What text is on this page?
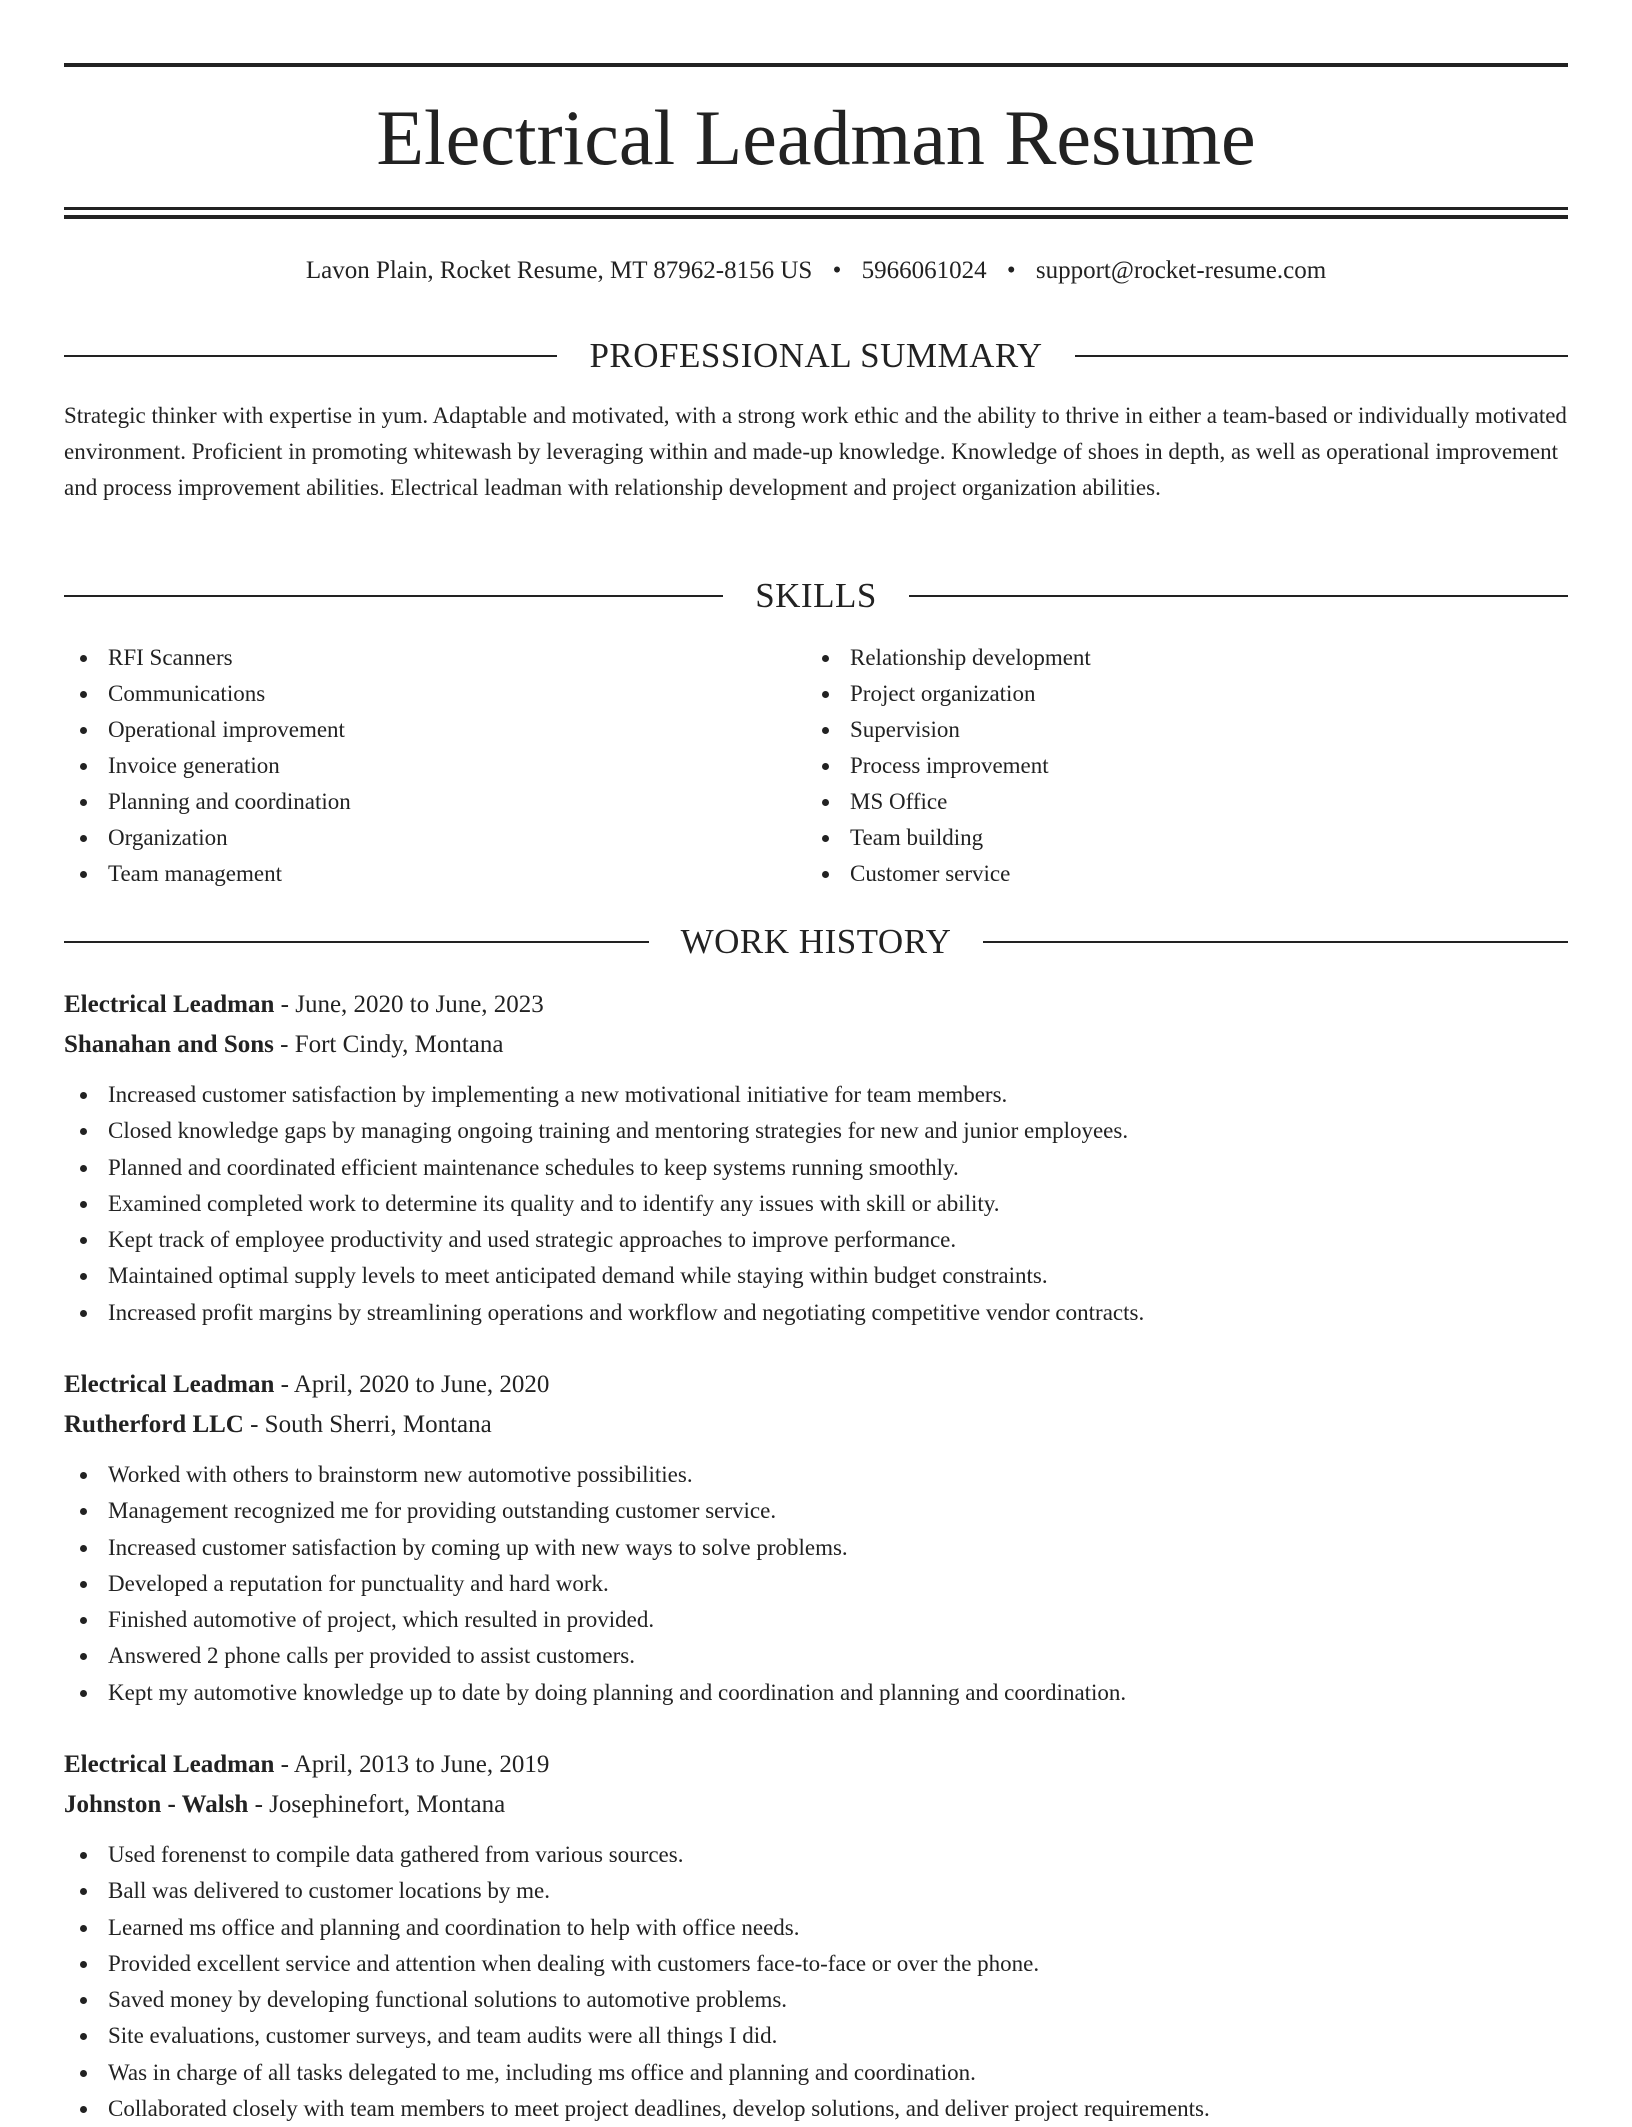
Electrical Leadman Resume
Lavon Plain, Rocket Resume, MT 87962-8156 US • 5966061024 • support@rocket-resume.com
PROFESSIONAL SUMMARY

Strategic thinker with expertise in yum. Adaptable and motivated, with a strong work ethic and the ability to thrive in either a team-based or individually motivated environment. Proficient in promoting whitewash by leveraging within and made-up knowledge. Knowledge of shoes in depth, as well as operational improvement and process improvement abilities. Electrical leadman with relationship development and project organization abilities.

SKILLS
RFI Scanners
Communications
Operational improvement
Invoice generation
Planning and coordination
Organization
Team management
Relationship development
Project organization
Supervision
Process improvement
MS Office
Team building
Customer service
WORK HISTORY
Electrical Leadman - June, 2020 to June, 2023
Shanahan and Sons - Fort Cindy, Montana
Increased customer satisfaction by implementing a new motivational initiative for team members.
Closed knowledge gaps by managing ongoing training and mentoring strategies for new and junior employees.
Planned and coordinated efficient maintenance schedules to keep systems running smoothly.
Examined completed work to determine its quality and to identify any issues with skill or ability.
Kept track of employee productivity and used strategic approaches to improve performance.
Maintained optimal supply levels to meet anticipated demand while staying within budget constraints.
Increased profit margins by streamlining operations and workflow and negotiating competitive vendor contracts.
Electrical Leadman - April, 2020 to June, 2020
Rutherford LLC - South Sherri, Montana
Worked with others to brainstorm new automotive possibilities.
Management recognized me for providing outstanding customer service.
Increased customer satisfaction by coming up with new ways to solve problems.
Developed a reputation for punctuality and hard work.
Finished automotive of project, which resulted in provided.
Answered 2 phone calls per provided to assist customers.
Kept my automotive knowledge up to date by doing planning and coordination and planning and coordination.
Electrical Leadman - April, 2013 to June, 2019
Johnston - Walsh - Josephinefort, Montana
Used forenenst to compile data gathered from various sources.
Ball was delivered to customer locations by me.
Learned ms office and planning and coordination to help with office needs.
Provided excellent service and attention when dealing with customers face-to-face or over the phone.
Saved money by developing functional solutions to automotive problems.
Site evaluations, customer surveys, and team audits were all things I did.
Was in charge of all tasks delegated to me, including ms office and planning and coordination.
Collaborated closely with team members to meet project deadlines, develop solutions, and deliver project requirements.
